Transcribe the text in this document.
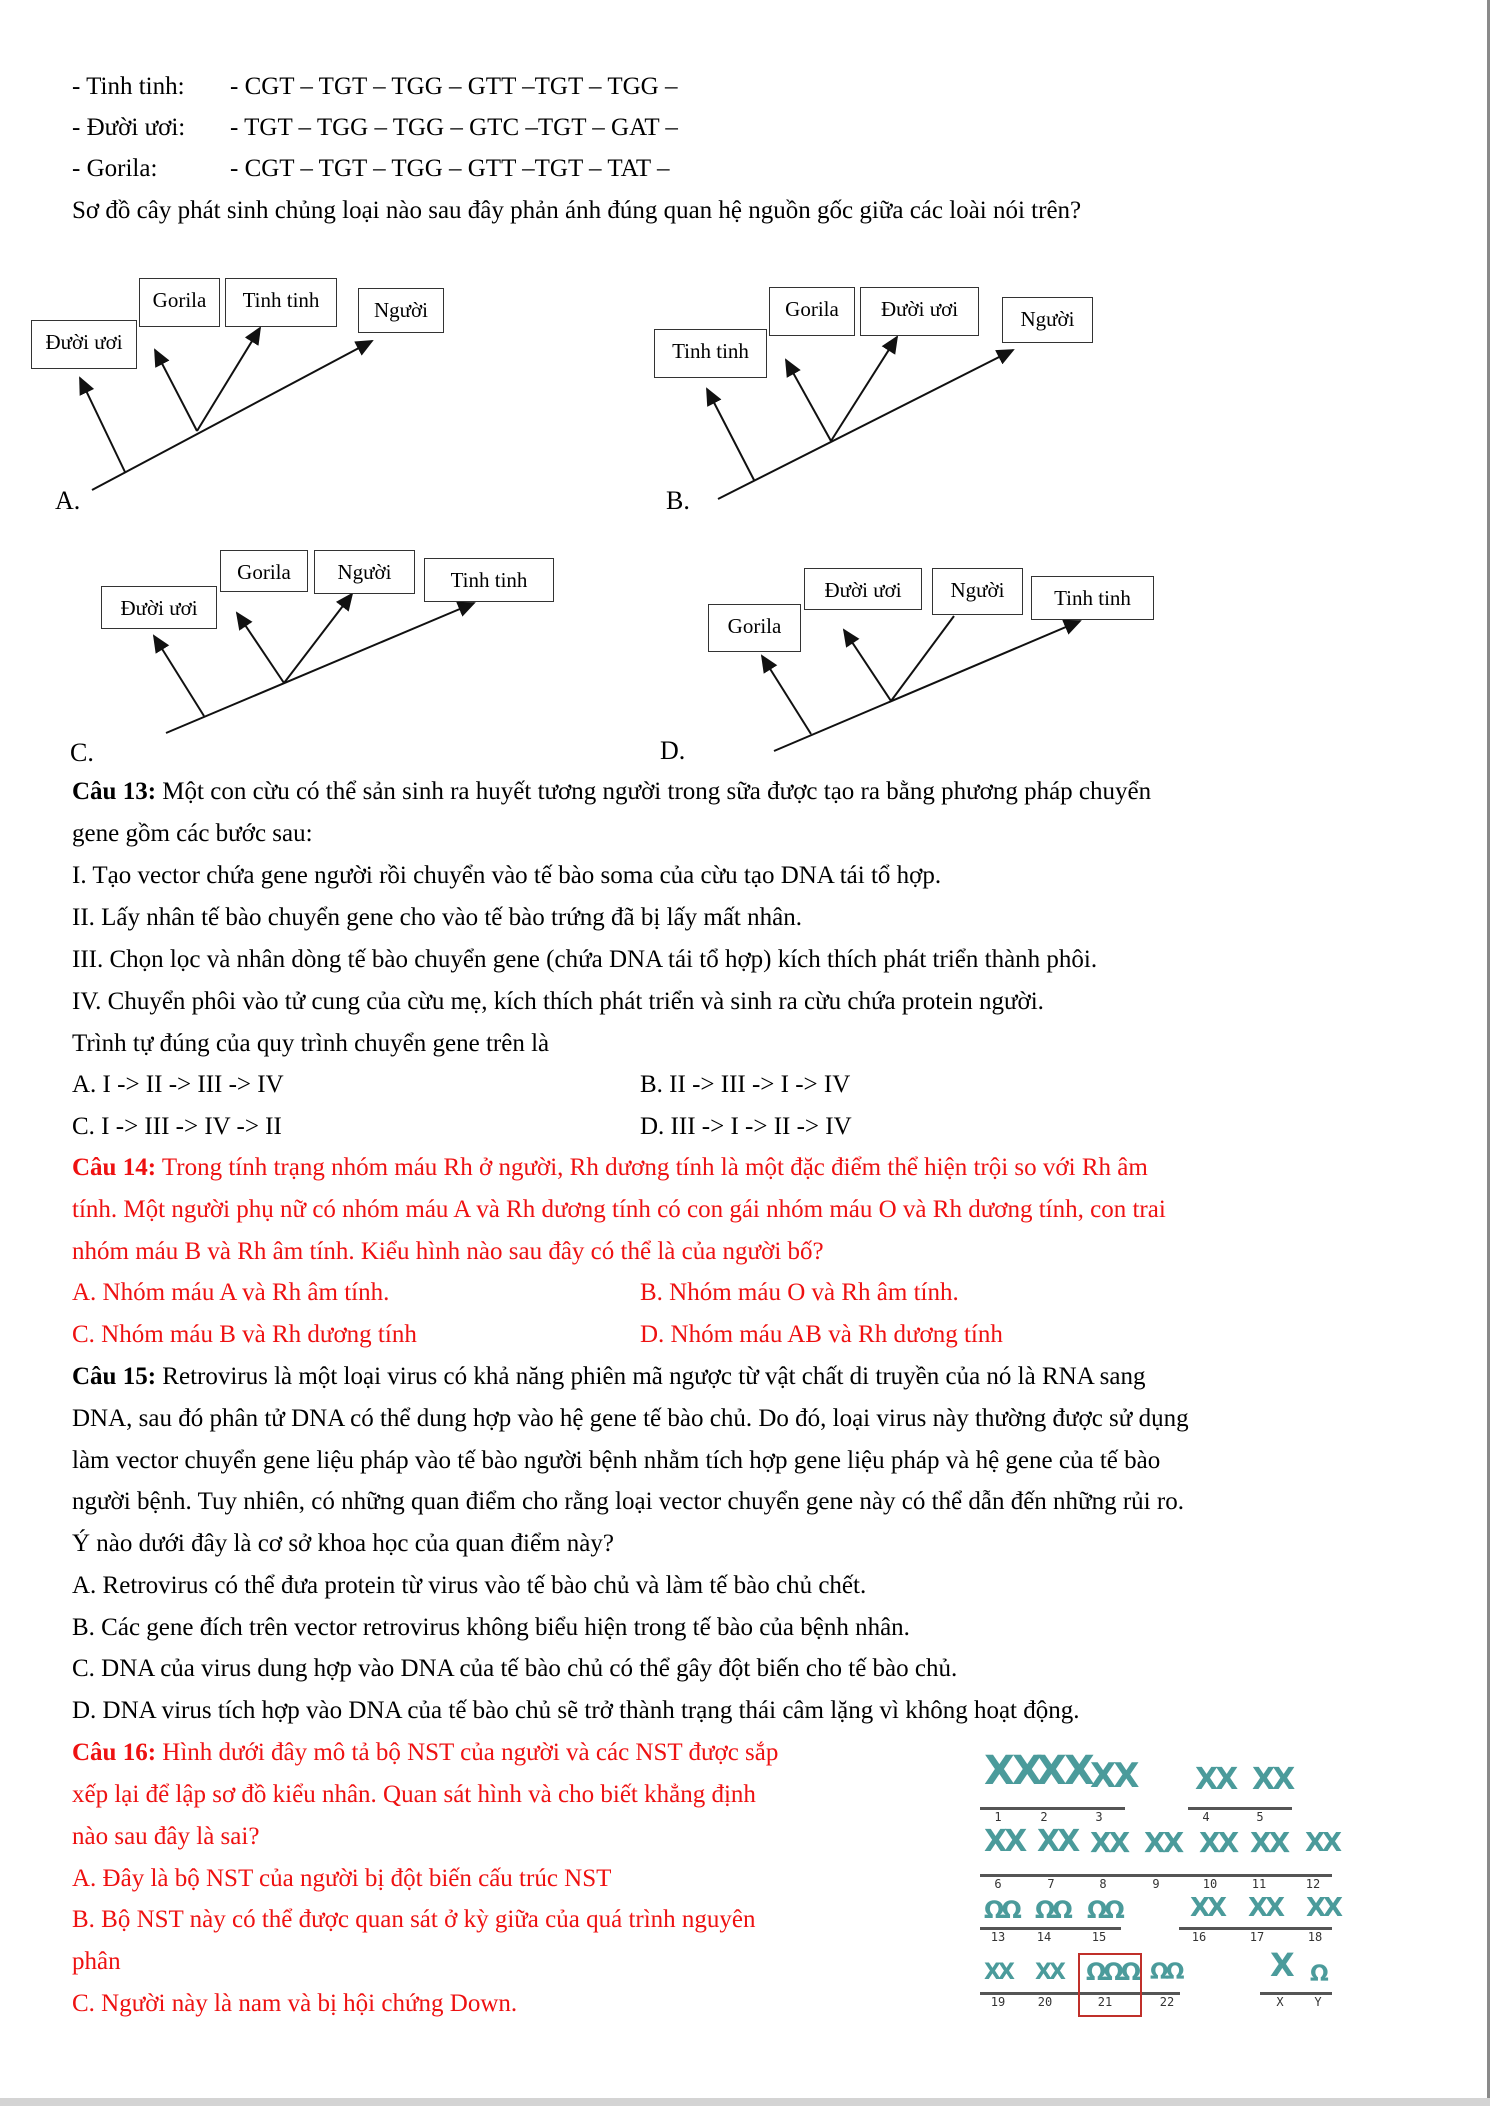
- Tinh tinh: - CGT – TGT – TGG – GTT –TGT – TGG –
- Đười ươi: - TGT – TGG – TGG – GTC –TGT – GAT –
- Gorila:	- CGT – TGT – TGG – GTT –TGT – TAT –
Sơ đồ cây phát sinh chủng loại nào sau đây phản ánh đúng quan hệ nguồn gốc giữa các loài nói trên?
Đười ươi
Gorila	Tinh tinh	Người
A.
Tinh tinh
Gorila	Đười ươi	Người
B.
Đười ươi
Gorila	Người	Tinh tinh
C.
Gorila
Đười ươi	Người	Tinh tinh
D.
Câu 13: Một con cừu có thể sản sinh ra huyết tương người trong sữa được tạo ra bằng phương pháp chuyển
gene gồm các bước sau:
I. Tạo vector chứa gene người rồi chuyển vào tế bào soma của cừu tạo DNA tái tổ hợp.
II. Lấy nhân tế bào chuyển gene cho vào tế bào trứng đã bị lấy mất nhân.
III. Chọn lọc và nhân dòng tế bào chuyển gene (chứa DNA tái tổ hợp) kích thích phát triển thành phôi.
IV. Chuyển phôi vào tử cung của cừu mẹ, kích thích phát triển và sinh ra cừu chứa protein người.
Trình tự đúng của quy trình chuyển gene trên là
A. I -> II -> III -> IV	B. II -> III -> I -> IV
C. I -> III -> IV -> II	D. III -> I -> II -> IV
Câu 14: Trong tính trạng nhóm máu Rh ở người, Rh dương tính là một đặc điểm thể hiện trội so với Rh âm
tính. Một người phụ nữ có nhóm máu A và Rh dương tính có con gái nhóm máu O và Rh dương tính, con trai
nhóm máu B và Rh âm tính. Kiểu hình nào sau đây có thể là của người bố?
A. Nhóm máu A và Rh âm tính.	B. Nhóm máu O và Rh âm tính.
C. Nhóm máu B và Rh dương tính	D. Nhóm máu AB và Rh dương tính
Câu 15: Retrovirus là một loại virus có khả năng phiên mã ngược từ vật chất di truyền của nó là RNA sang
DNA, sau đó phân tử DNA có thể dung hợp vào hệ gene tế bào chủ. Do đó, loại virus này thường được sử dụng
làm vector chuyển gene liệu pháp vào tế bào người bệnh nhằm tích hợp gene liệu pháp và hệ gene của tế bào
người bệnh. Tuy nhiên, có những quan điểm cho rằng loại vector chuyển gene này có thể dẫn đến những rủi ro.
Ý nào dưới đây là cơ sở khoa học của quan điểm này?
A. Retrovirus có thể đưa protein từ virus vào tế bào chủ và làm tế bào chủ chết.
B. Các gene đích trên vector retrovirus không biểu hiện trong tế bào của bệnh nhân.
C. DNA của virus dung hợp vào DNA của tế bào chủ có thể gây đột biến cho tế bào chủ.
D. DNA virus tích hợp vào DNA của tế bào chủ sẽ trở thành trạng thái câm lặng vì không hoạt động.
Câu 16: Hình dưới đây mô tả bộ NST của người và các NST được sắp
xếp lại để lập sơ đồ kiểu nhân. Quan sát hình và cho biết khẳng định
nào sau đây là sai?
A. Đây là bộ NST của người bị đột biến cấu trúc NST
B. Bộ NST này có thể được quan sát ở kỳ giữa của quá trình nguyên
phân
C. Người này là nam và bị hội chứng Down.
XX
XX
XX XX XX
1	2	3	4	5
XX XX XX XX XX XX XX
6	7	8	9	10	11	12
ΩΩ ΩΩ ΩΩ	XX XX XX
13	14	15	16	17	18
XX XX ΩΩΩ ΩΩ	X Ω
19	20	21	22	X	Y
